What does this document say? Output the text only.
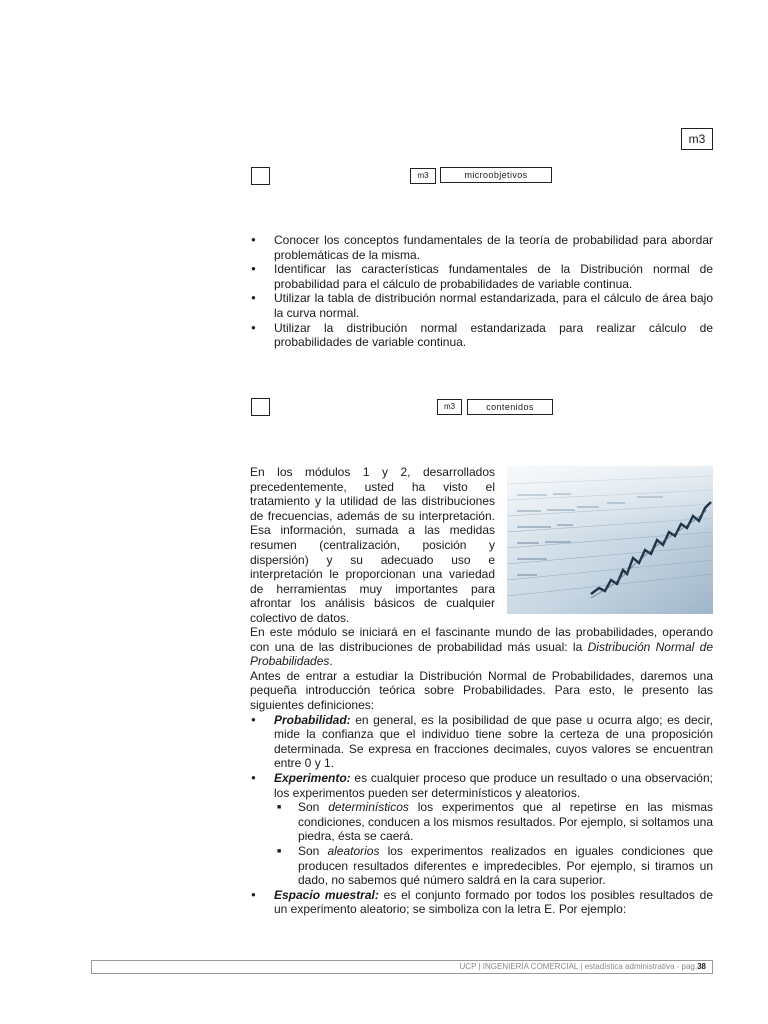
m3
m3	microobjetivos
● Conocer los conceptos fundamentales de la teoría de probabilidad para abordar problemáticas de la misma.
● Identificar las características fundamentales de la Distribución normal de probabilidad para el cálculo de probabilidades de variable continua.
● Utilizar la tabla de distribución normal estandarizada, para el cálculo de área bajo la curva normal.
● Utilizar la distribución normal estandarizada para realizar cálculo de probabilidades de variable continua.
m3	contenidos

En los módulos 1 y 2, desarrollados precedentemente, usted ha visto el tratamiento y la utilidad de las distribuciones de frecuencias, además de su interpretación. Esa información, sumada a las medidas resumen (centralización, posición y dispersión) y su adecuado uso e interpretación le proporcionan una variedad de herramientas muy importantes para afrontar los análisis básicos de cualquier colectivo de datos.

En este módulo se iniciará en el fascinante mundo de las probabilidades, operando con una de las distribuciones de probabilidad más usual: la Distribución Normal de Probabilidades.

Antes de entrar a estudiar la Distribución Normal de Probabilidades, daremos una pequeña introducción teórica sobre Probabilidades. Para esto, le presento las siguientes definiciones:

● Probabilidad: en general, es la posibilidad de que pase u ocurra algo; es decir, mide la confianza que el individuo tiene sobre la certeza de una proposición determinada. Se expresa en fracciones decimales, cuyos valores se encuentran entre 0 y 1.
● Experimento: es cualquier proceso que produce un resultado o una observación; los experimentos pueden ser determinísticos y aleatorios.
■ Son determinísticos los experimentos que al repetirse en las mismas condiciones, conducen a los mismos resultados. Por ejemplo, si soltamos una piedra, ésta se caerá.
■ Son aleatorios los experimentos realizados en iguales condiciones que producen resultados diferentes e impredecibles. Por ejemplo, si tiramos un dado, no sabemos qué número saldrá en la cara superior.
● Espacio muestral: es el conjunto formado por todos los posibles resultados de un experimento aleatorio; se simboliza con la letra E. Por ejemplo:
UCP | INGENIERÍA COMERCIAL | estadística administrativa - pag.38
